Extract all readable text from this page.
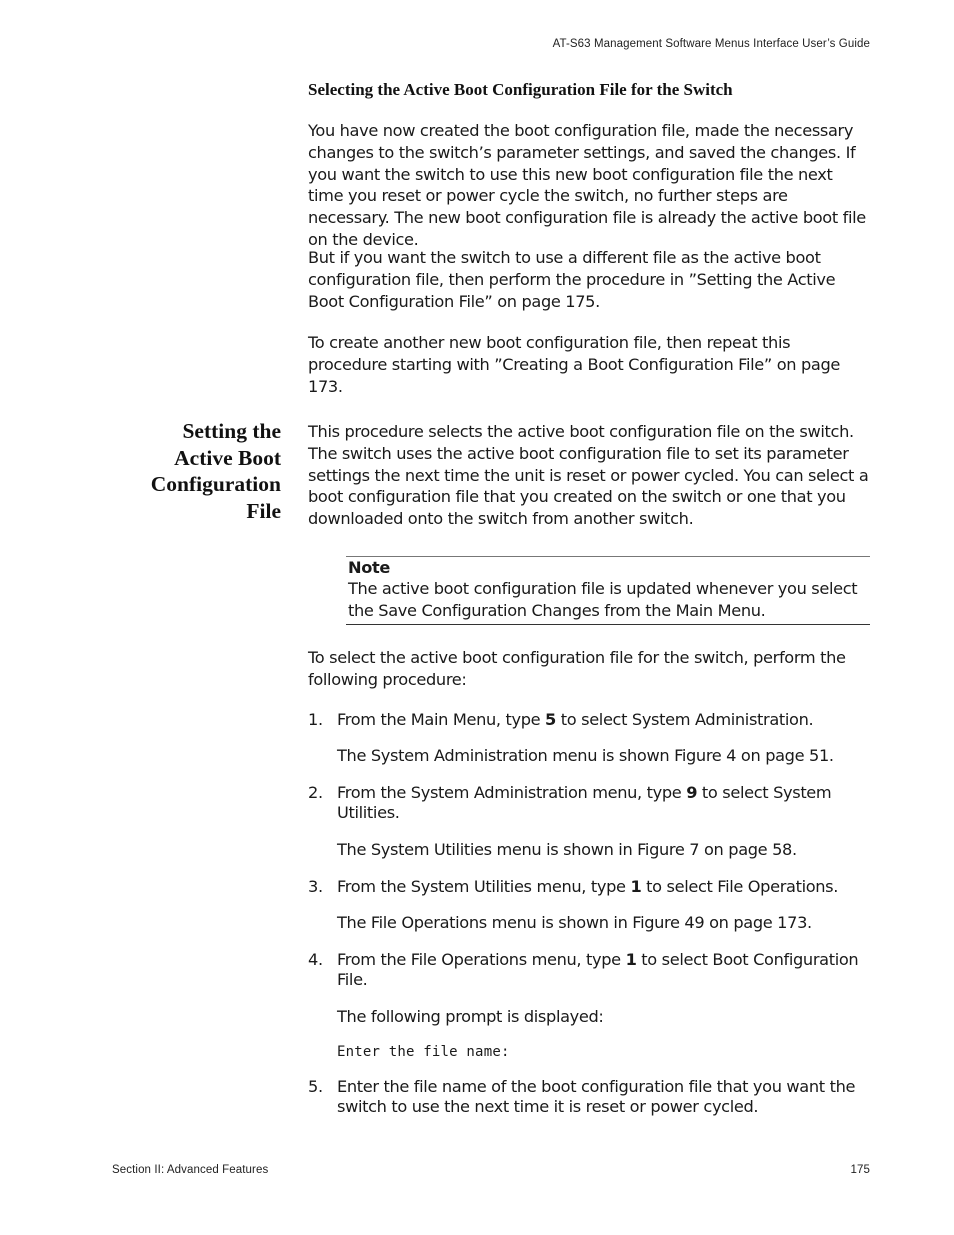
AT-S63 Management Software Menus Interface User’s Guide
Selecting the Active Boot Configuration File for the Switch
You have now created the boot configuration file, made the necessary changes to the switch’s parameter settings, and saved the changes. If you want the switch to use this new boot configuration file the next time you reset or power cycle the switch, no further steps are necessary. The new boot configuration file is already the active boot file on the device.
But if you want the switch to use a different file as the active boot configuration file, then perform the procedure in ”Setting the Active Boot Configuration File” on page 175.
To create another new boot configuration file, then repeat this procedure starting with ”Creating a Boot Configuration File” on page 173.
Setting the
Active Boot
Configuration
File
This procedure selects the active boot configuration file on the switch. The switch uses the active boot configuration file to set its parameter settings the next time the unit is reset or power cycled. You can select a boot configuration file that you created on the switch or one that you downloaded onto the switch from another switch.
Note
The active boot configuration file is updated whenever you select the Save Configuration Changes from the Main Menu.
To select the active boot configuration file for the switch, perform the following procedure:
1. From the Main Menu, type 5 to select System Administration.
The System Administration menu is shown Figure 4 on page 51.
2. From the System Administration menu, type 9 to select System Utilities.
The System Utilities menu is shown in Figure 7 on page 58.
3. From the System Utilities menu, type 1 to select File Operations.
The File Operations menu is shown in Figure 49 on page 173.
4. From the File Operations menu, type 1 to select Boot Configuration File.
The following prompt is displayed:
Enter the file name:
5. Enter the file name of the boot configuration file that you want the switch to use the next time it is reset or power cycled.
Section II: Advanced Features	175
